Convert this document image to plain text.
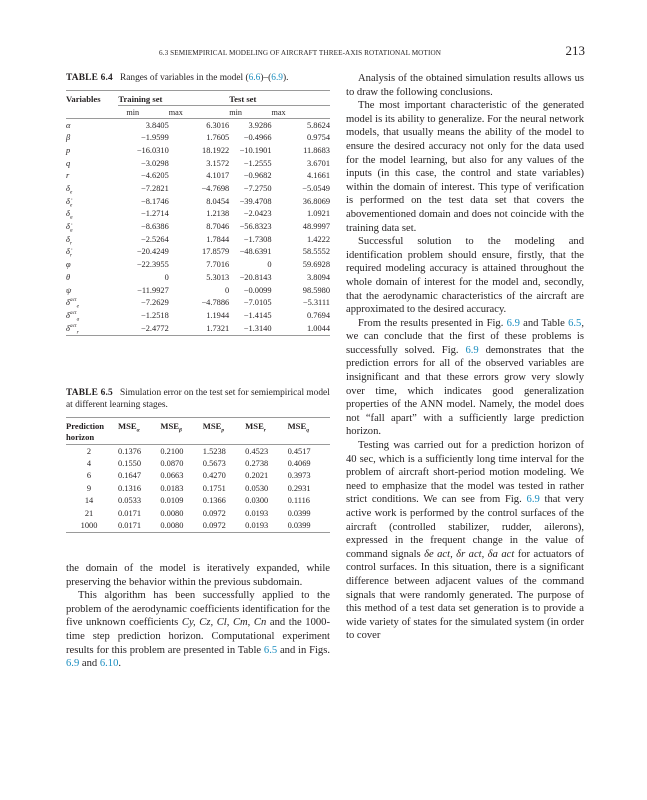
6.3 SEMIEMPIRICAL MODELING OF AIRCRAFT THREE-AXIS ROTATIONAL MOTION	213

TABLE 6.4 Ranges of variables in the model (6.6)–(6.9).

Variables	Training set		Test set	
	min	max	min	max
α	3.8405	6.3016	3.9286	5.8624
β	−1.9599	1.7605	−0.4966	0.9754
p	−16.0310	18.1922	−10.1901	11.8683
q	−3.0298	3.1572	−1.2555	3.6701
r	−4.6205	4.1017	−0.9682	4.1661
$\delta_e$	−7.2821	−4.7698	−7.2750	−5.0549
$\deltȧ_e$	−8.1746	8.0454	−39.4708	36.8069
$\delta_a$	−1.2714	1.2138	−2.0423	1.0921
$\deltȧ_a$	−8.6386	8.7046	−56.8323	48.9997
$\delta_r$	−2.5264	1.7844	−1.7308	1.4222
$\deltȧ_r$	−20.4249	17.8579	−48.6391	58.5552
φ	−22.3955	7.7016	0	59.6928
θ	0	5.3013	−20.8143	3.8094
ψ	−11.9927	0	−0.0099	98.5980
$\delta^{act}_e$	−7.2629	−4.7886	−7.0105	−5.3111
$\delta^{act}_a$	−1.2518	1.1944	−1.4145	0.7694
$\delta^{act}_r$	−2.4772	1.7321	−1.3140	1.0044

TABLE 6.5 Simulation error on the test set for semiempirical model at different learning stages.

Prediction
horizon	$MSE_\alpha$	$MSE_\beta$	$MSE_p$	$MSE_r$	$MSE_q$
2	0.1376	0.2100	1.5238	0.4523	0.4517
4	0.1550	0.0870	0.5673	0.2738	0.4069
6	0.1647	0.0663	0.4270	0.2021	0.3973
9	0.1316	0.0183	0.1751	0.0530	0.2931
14	0.0533	0.0109	0.1366	0.0300	0.1116
21	0.0171	0.0080	0.0972	0.0193	0.0399
1000	0.0171	0.0080	0.0972	0.0193	0.0399

the domain of the model is iteratively expanded, while preserving the behavior within the previous subdomain.

This algorithm has been successfully applied to the problem of the aerodynamic coefficients identification for the five unknown coefficients Cy, Cz, Cl, Cm, Cn and the 1000-time step prediction horizon. Computational experiment results for this problem are presented in Table 6.5 and in Figs. 6.9 and 6.10.

Analysis of the obtained simulation results allows us to draw the following conclusions.

The most important characteristic of the generated model is its ability to generalize. For the neural network models, that usually means the ability of the model to ensure the desired accuracy not only for the data used for the model learning, but also for any values of the inputs (in this case, the control and state variables) within the domain of interest. This type of verification is performed on the test data set that covers the abovementioned domain and does not coincide with the training data set.

Successful solution to the modeling and identification problem should ensure, firstly, that the required modeling accuracy is attained throughout the whole domain of interest for the model and, secondly, that the aerodynamic characteristics of the aircraft are approximated to the desired accuracy.

From the results presented in Fig. 6.9 and Table 6.5, we can conclude that the first of these problems is successfully solved. Fig. 6.9 demonstrates that the prediction errors for all of the observed variables are insignificant and that these errors grow very slowly over time, which indicates good generalization properties of the ANN model. Namely, the model does not “fall apart” with a sufficiently large prediction horizon.

Testing was carried out for a prediction horizon of 40 sec, which is a sufficiently long time interval for the problem of aircraft short-period motion modeling. We need to emphasize that the model was tested in rather strict conditions. We can see from Fig. 6.9 that very active work is performed by the control surfaces of the aircraft (controlled stabilizer, rudder, ailerons), expressed in the frequent change in the value of command signals δe act, δr act, δa act for actuators of control surfaces. In this situation, there is a significant difference between adjacent values of the command signals that were randomly generated. The purpose of this method of a test data set generation is to provide a wide variety of states for the simulated system (in order to cover
